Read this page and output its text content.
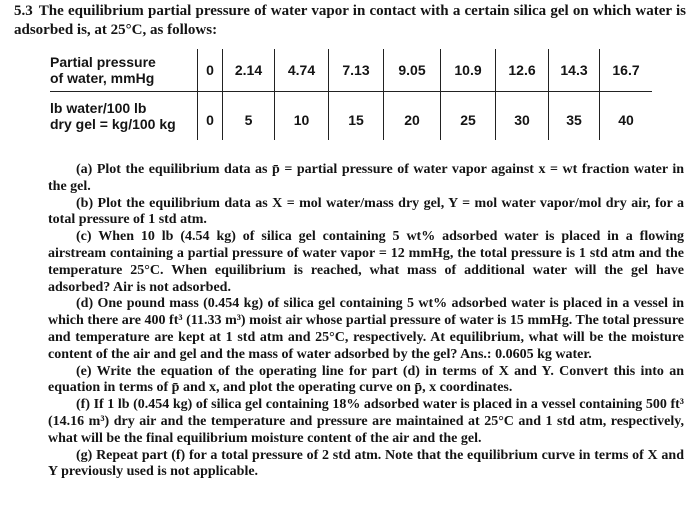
5.3 The equilibrium partial pressure of water vapor in contact with a certain silica gel on which water is adsorbed is, at 25°C, as follows:
Partial pressure
of water, mmHg	0	2.14	4.74	7.13	9.05	10.9	12.6	14.3	16.7
lb water/100 lb
dry gel = kg/100 kg	0	5	10	15	20	25	30	35	40

(a) Plot the equilibrium data as p̄ = partial pressure of water vapor against x = wt fraction water in the gel.

(b) Plot the equilibrium data as X = mol water/mass dry gel, Y = mol water vapor/mol dry air, for a total pressure of 1 std atm.

(c) When 10 lb (4.54 kg) of silica gel containing 5 wt% adsorbed water is placed in a flowing airstream containing a partial pressure of water vapor = 12 mmHg, the total pressure is 1 std atm and the temperature 25°C. When equilibrium is reached, what mass of additional water will the gel have adsorbed? Air is not adsorbed.

(d) One pound mass (0.454 kg) of silica gel containing 5 wt% adsorbed water is placed in a vessel in which there are 400 ft³ (11.33 m³) moist air whose partial pressure of water is 15 mmHg. The total pressure and temperature are kept at 1 std atm and 25°C, respectively. At equilibrium, what will be the moisture content of the air and gel and the mass of water adsorbed by the gel? Ans.: 0.0605 kg water.

(e) Write the equation of the operating line for part (d) in terms of X and Y. Convert this into an equation in terms of p̄ and x, and plot the operating curve on p̄, x coordinates.

(f) If 1 lb (0.454 kg) of silica gel containing 18% adsorbed water is placed in a vessel containing 500 ft³ (14.16 m³) dry air and the temperature and pressure are maintained at 25°C and 1 std atm, respectively, what will be the final equilibrium moisture content of the air and the gel.

(g) Repeat part (f) for a total pressure of 2 std atm. Note that the equilibrium curve in terms of X and Y previously used is not applicable.
